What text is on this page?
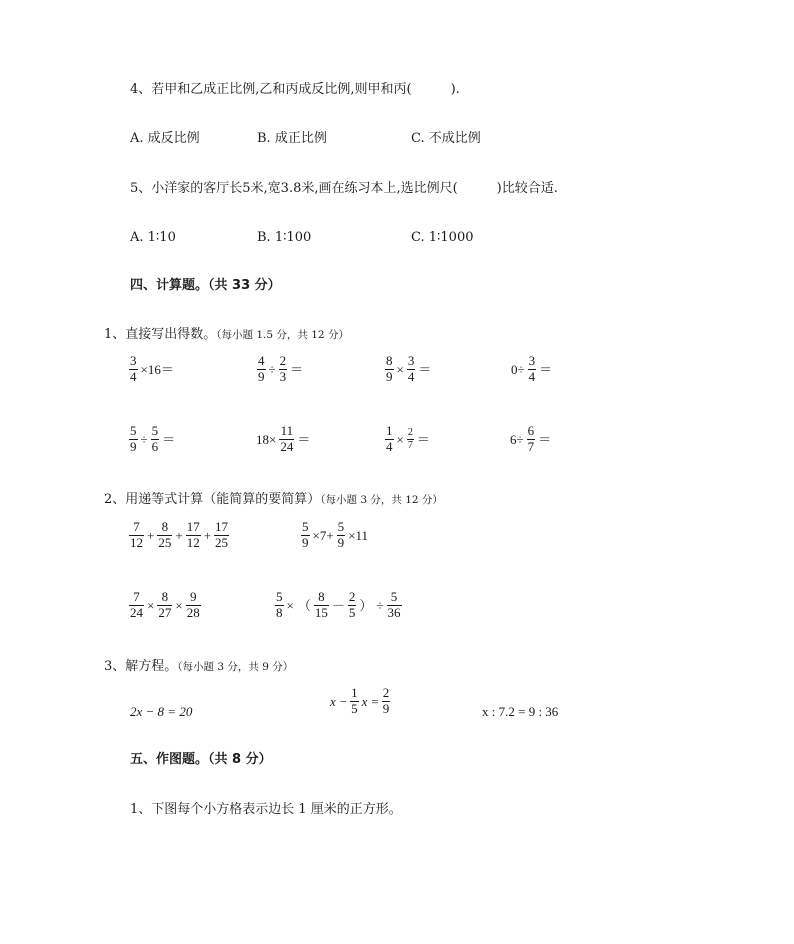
4、若甲和乙成正比例,乙和丙成反比例,则甲和丙(　　　).
A. 成反比例	B. 成正比例	C. 不成比例
5、小洋家的客厅长5米,宽3.8米,画在练习本上,选比例尺(　　　)比较合适.
A. 1∶10	B. 1∶100	C. 1∶1000
四、计算题。（共 33 分）
1、直接写出得数。（每小题 1.5 分，共 12 分）
$\frac{3}{4} \times 16=$	$\frac{4}{9} \div \frac{2}{3}$ ＝	$\frac{8}{9} \times \frac{3}{4}$ ＝	$0\div \frac{3}{4}$ ＝
$\frac{5}{9} \div \frac{5}{6}$ ＝	$18\times \frac{11}{24}$ ＝	$\frac{1}{4} \times \frac{2}{7}$ ＝	$6\div \frac{6}{7}$ ＝
2、用递等式计算（能简算的要简算）（每小题 3 分，共 12 分）
$\frac{7}{12} + \frac{8}{25} + \frac{17}{12} + \frac{17}{25}$	$\frac{5}{9} \times 7+ \frac{5}{9} \times 11$
$\frac{7}{24} \times \frac{8}{27} \times \frac{9}{28}$	$\frac{5}{8}$ × （ $\frac{8}{15} - \frac{2}{5}$ ） ÷ $\frac{5}{36}$
3、解方程。（每小题 3 分，共 9 分）
2x − 8 = 20
$x - \frac{1}{5}$ $x = \frac{2}{9}$	x : 7.2 = 9 : 36
五、作图题。（共 8 分）
1、下图每个小方格表示边长 1 厘米的正方形。
